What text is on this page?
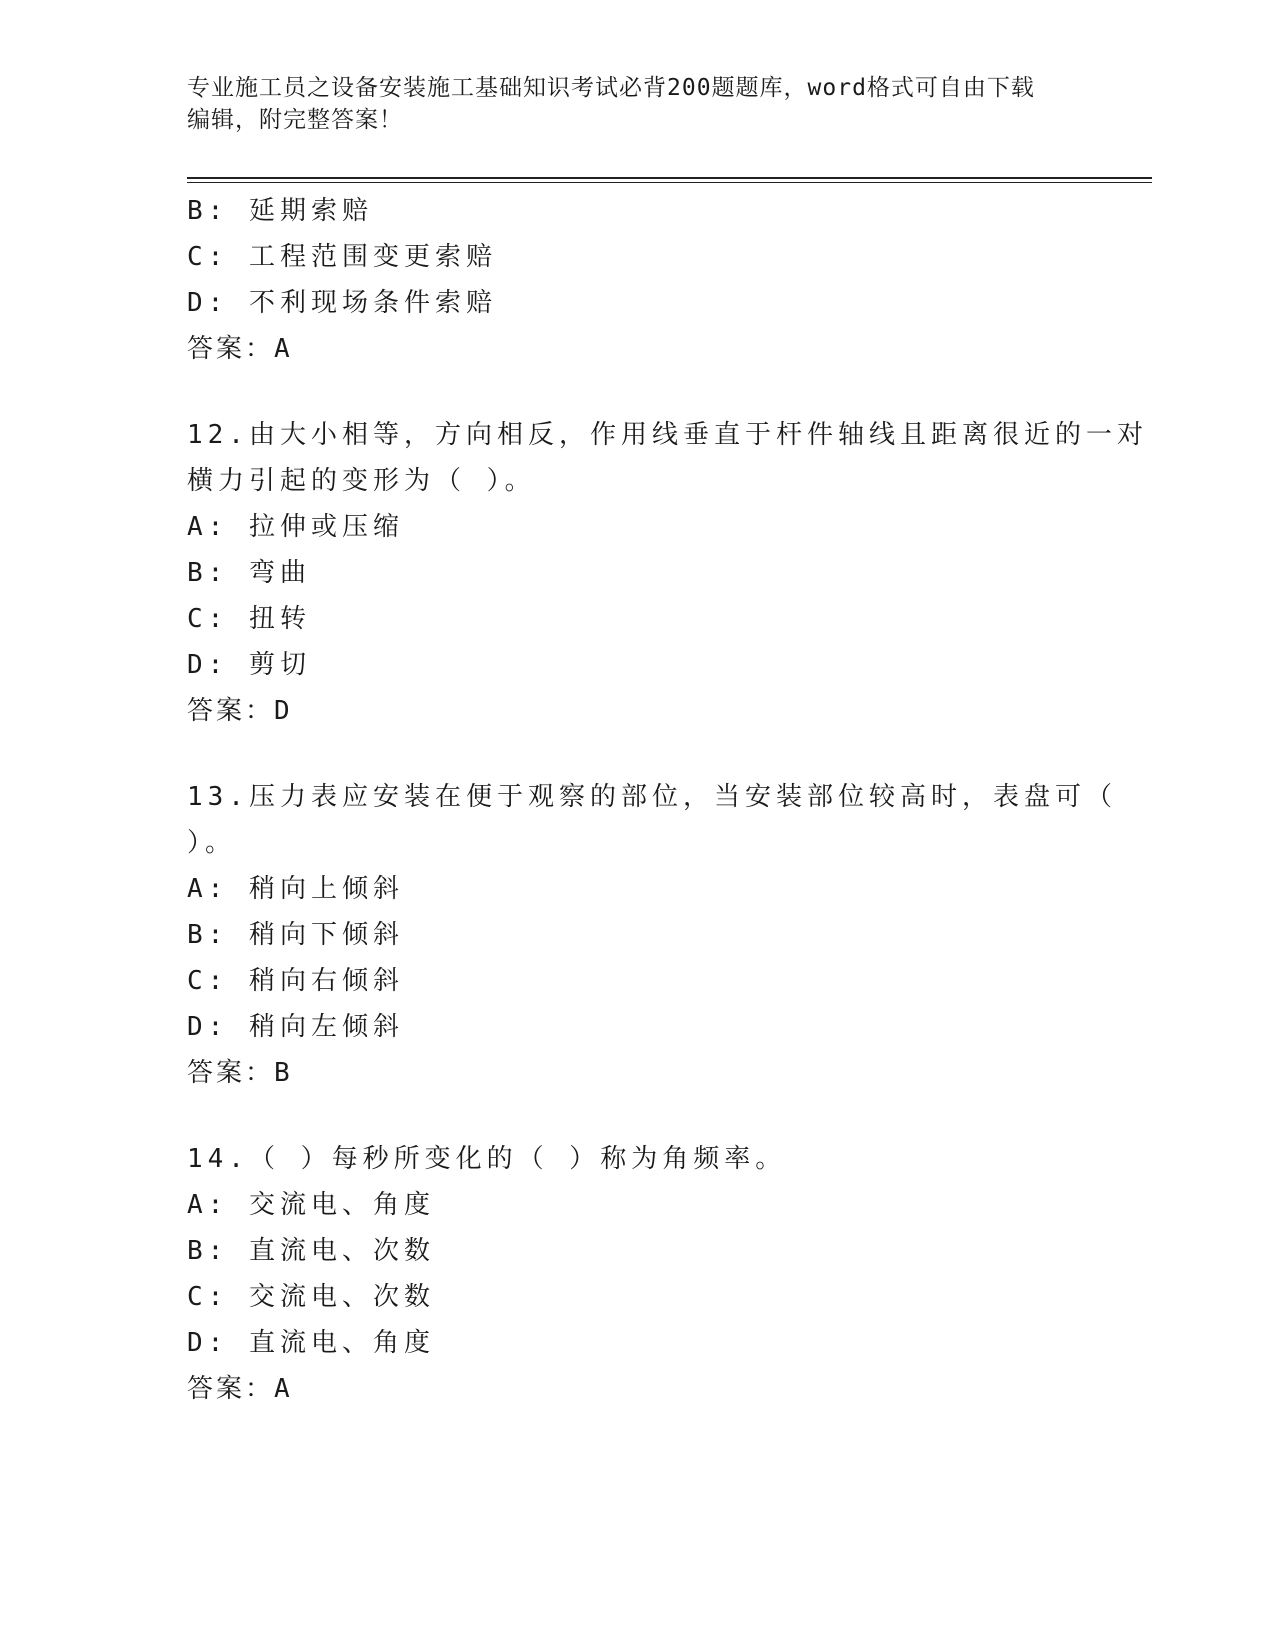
专业施工员之设备安装施工基础知识考试必背200题题库，word格式可自由下载
编辑，附完整答案！
B: 延期索赔
C: 工程范围变更索赔
D: 不利现场条件索赔
答案：A
12.由大小相等，方向相反，作用线垂直于杆件轴线且距离很近的一对
横力引起的变形为（ ）。
A: 拉伸或压缩
B: 弯曲
C: 扭转
D: 剪切
答案：D
13.压力表应安装在便于观察的部位，当安装部位较高时，表盘可（
）。
A: 稍向上倾斜
B: 稍向下倾斜
C: 稍向右倾斜
D: 稍向左倾斜
答案：B
14.（ ）每秒所变化的（ ）称为角频率。
A: 交流电、角度
B: 直流电、次数
C: 交流电、次数
D: 直流电、角度
答案：A
